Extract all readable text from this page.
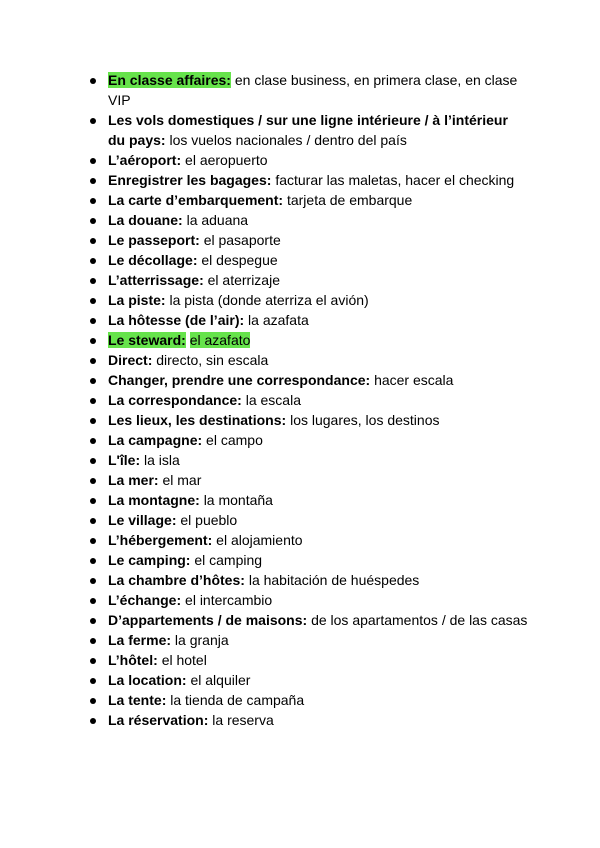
En classe affaires: en clase business, en primera clase, en clase VIP
Les vols domestiques / sur une ligne intérieure / à l’intérieur du pays: los vuelos nacionales / dentro del país
L’aéroport: el aeropuerto
Enregistrer les bagages: facturar las maletas, hacer el checking
La carte d’embarquement: tarjeta de embarque
La douane: la aduana
Le passeport: el pasaporte
Le décollage: el despegue
L’atterrissage: el aterrizaje
La piste: la pista (donde aterriza el avión)
La hôtesse (de l’air): la azafata
Le steward: el azafato
Direct: directo, sin escala
Changer, prendre une correspondance: hacer escala
La correspondance: la escala
Les lieux, les destinations: los lugares, los destinos
La campagne: el campo
L'île: la isla
La mer: el mar
La montagne: la montaña
Le village: el pueblo
L’hébergement: el alojamiento
Le camping: el camping
La chambre d’hôtes: la habitación de huéspedes
L’échange: el intercambio
D’appartements / de maisons: de los apartamentos / de las casas
La ferme: la granja
L’hôtel: el hotel
La location: el alquiler
La tente: la tienda de campaña
La réservation: la reserva
